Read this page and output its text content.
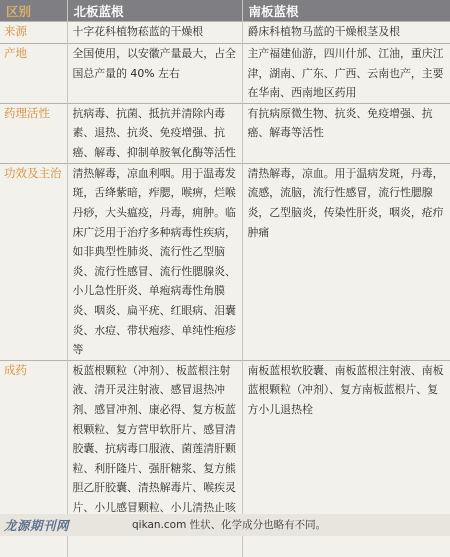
区别	北板蓝根	南板蓝根
来源	十字花科植物菘蓝的干燥根	爵床科植物马蓝的干燥根茎及根
产地	全国使用，以安徽产量最大，占全国总产量的 40% 左右	主产福建仙游，四川什邡、江油，重庆江津，湖南、广东、广西、云南也产，主要在华南、西南地区药用
药理活性	抗病毒、抗菌、抵抗并清除内毒素、退热、抗炎、免疫增强、抗癌、解毒、抑制单胺氧化酶等活性	有抗病原微生物、抗炎、免疫增强、抗癌、解毒等活性
功效及主治	清热解毒，凉血利咽。用于温毒发斑，舌绛紫暗，痄腮，喉痹，烂喉丹痧，大头瘟疫，丹毒，痈肿。临床广泛用于治疗多种病毒性疾病，如非典型性肺炎、流行性乙型脑炎、流行性感冒、流行性腮腺炎、小儿急性肝炎、单疱病毒性角膜炎、咽炎、扁平疣、红眼病、泪囊炎、水痘、带状疱疹、单纯性疱疹等	清热解毒，凉血。用于温病发斑，丹毒，流感，流脑，流行性感冒，流行性腮腺炎，乙型脑炎，传染性肝炎，咽炎，疮疖肿痛
成药	板蓝根颗粒（冲剂）、板蓝根注射液、清开灵注射液、感冒退热冲剂、感冒冲剂、康必得、复方板蓝根颗粒、复方营甲软肝片、感冒清胶囊、抗病毒口服液、菌莲清肝颗粒、利肝隆片、强肝糖浆、复方熊胆乙肝胶囊、清热解毒片、喉疾灵片、小儿感冒颗粒、小儿清热止咳	南板蓝根软胶囊、南板蓝根注射液、南板蓝根颗粒（冲剂）、复方南板蓝根片、复方小儿退热栓
龙源期刊网	qikan.com 性状、化学成分也略有不同。
